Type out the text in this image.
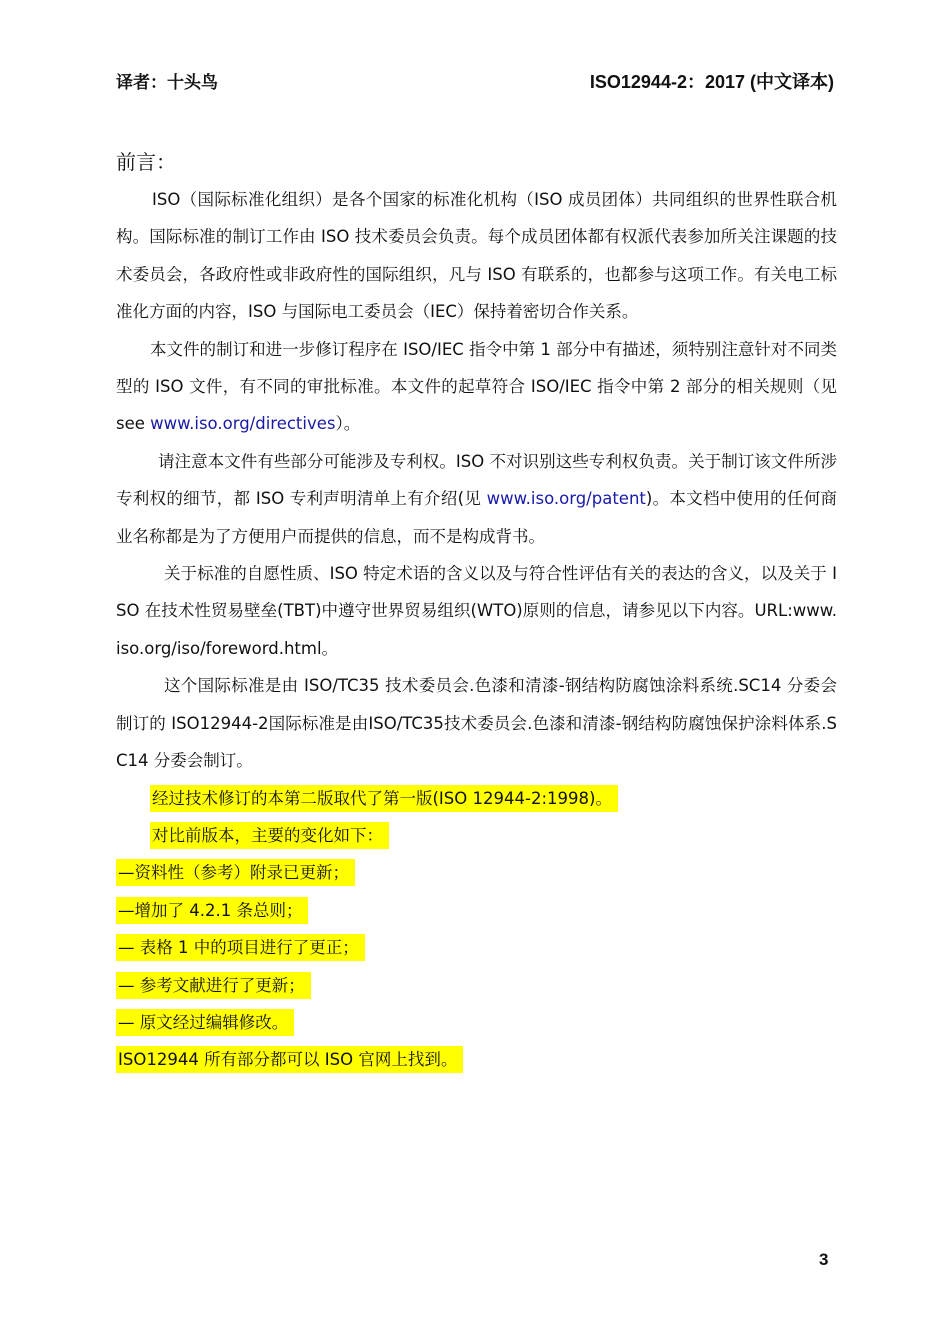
译者：十头鸟	ISO12944-2：2017 (中文译本)
前言：

ISO（国际标准化组织）是各个国家的标准化机构（ISO 成员团体）共同组织的世界性联合机构。国际标准的制订工作由 ISO 技术委员会负责。每个成员团体都有权派代表参加所关注课题的技术委员会，各政府性或非政府性的国际组织，凡与 ISO 有联系的，也都参与这项工作。有关电工标准化方面的内容，ISO 与国际电工委员会（IEC）保持着密切合作关系。

本文件的制订和进一步修订程序在 ISO/IEC 指令中第 1 部分中有描述，须特别注意针对不同类型的 ISO 文件，有不同的审批标准。本文件的起草符合 ISO/IEC 指令中第 2 部分的相关规则（见 see www.iso.org/directives）。

请注意本文件有些部分可能涉及专利权。ISO 不对识别这些专利权负责。关于制订该文件所涉专利权的细节，都 ISO 专利声明清单上有介绍(见 www.iso.org/patent)。本文档中使用的任何商业名称都是为了方便用户而提供的信息，而不是构成背书。

关于标准的自愿性质、ISO 特定术语的含义以及与符合性评估有关的表达的含义，以及关于 ISO 在技术性贸易壁垒(TBT)中遵守世界贸易组织(WTO)原则的信息，请参见以下内容。URL:www.iso.org/iso/foreword.html。

这个国际标准是由 ISO/TC35 技术委员会.色漆和清漆-钢结构防腐蚀涂料系统.SC14 分委会制订的 ISO12944-2国际标准是由ISO/TC35技术委员会.色漆和清漆-钢结构防腐蚀保护涂料体系.SC14 分委会制订。

经过技术修订的本第二版取代了第一版(ISO 12944-2:1998)。

对比前版本，主要的变化如下：

—资料性（参考）附录已更新；

—增加了 4.2.1 条总则；

— 表格 1 中的项目进行了更正；

— 参考文献进行了更新；

— 原文经过编辑修改。

ISO12944 所有部分都可以 ISO 官网上找到。

3
